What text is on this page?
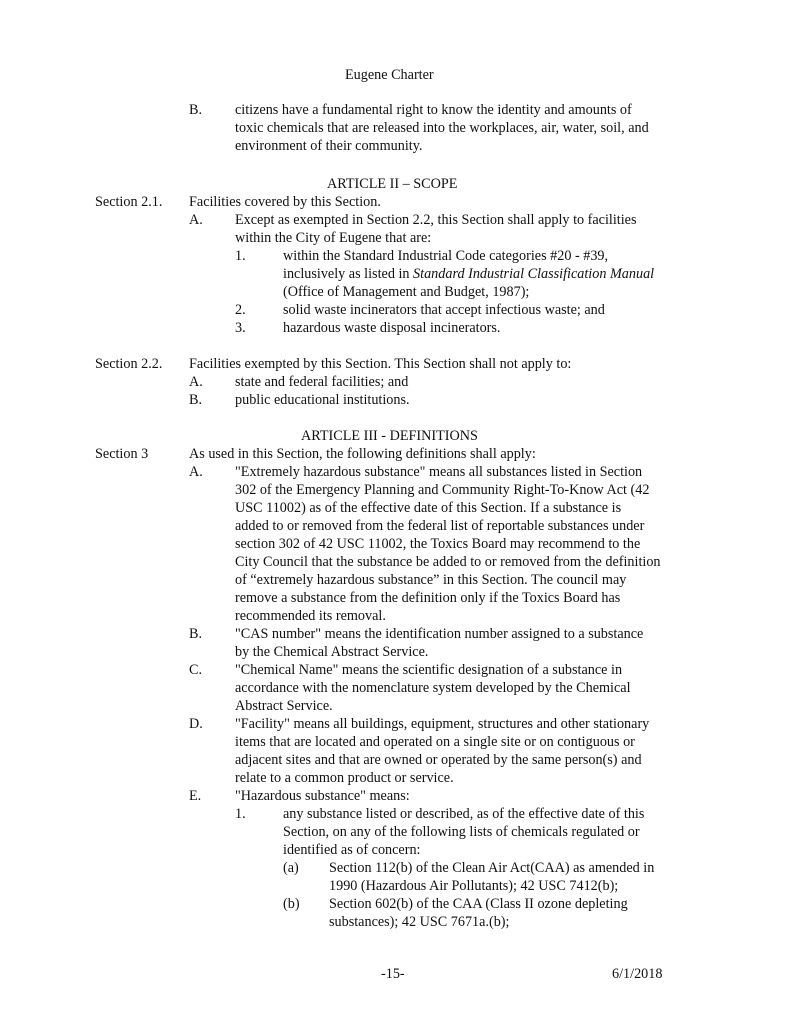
Eugene Charter
B. citizens have a fundamental right to know the identity and amounts of
toxic chemicals that are released into the workplaces, air, water, soil, and
environment of their community.
ARTICLE II – SCOPE
Section 2.1. Facilities covered by this Section.
A. Except as exempted in Section 2.2, this Section shall apply to facilities
within the City of Eugene that are:
1.	within the Standard Industrial Code categories #20 - #39,
inclusively as listed in Standard Industrial Classification Manual
(Office of Management and Budget, 1987);
2.	solid waste incinerators that accept infectious waste; and
3.	hazardous waste disposal incinerators.
Section 2.2. Facilities exempted by this Section. This Section shall not apply to:
A. state and federal facilities; and
B. public educational institutions.
ARTICLE III - DEFINITIONS
Section 3	As used in this Section, the following definitions shall apply:
A. "Extremely hazardous substance" means all substances listed in Section
302 of the Emergency Planning and Community Right-To-Know Act (42
USC 11002) as of the effective date of this Section. If a substance is
added to or removed from the federal list of reportable substances under
section 302 of 42 USC 11002, the Toxics Board may recommend to the
City Council that the substance be added to or removed from the definition
of “extremely hazardous substance” in this Section. The council may
remove a substance from the definition only if the Toxics Board has
recommended its removal.
B. "CAS number" means the identification number assigned to a substance
by the Chemical Abstract Service.
C. "Chemical Name" means the scientific designation of a substance in
accordance with the nomenclature system developed by the Chemical
Abstract Service.
D. "Facility" means all buildings, equipment, structures and other stationary
items that are located and operated on a single site or on contiguous or
adjacent sites and that are owned or operated by the same person(s) and
relate to a common product or service.
E. "Hazardous substance" means:
1.	any substance listed or described, as of the effective date of this
Section, on any of the following lists of chemicals regulated or
identified as of concern:
(a) Section 112(b) of the Clean Air Act(CAA) as amended in
1990 (Hazardous Air Pollutants); 42 USC 7412(b);
(b) Section 602(b) of the CAA (Class II ozone depleting
substances); 42 USC 7671a.(b);
-15-	6/1/2018
